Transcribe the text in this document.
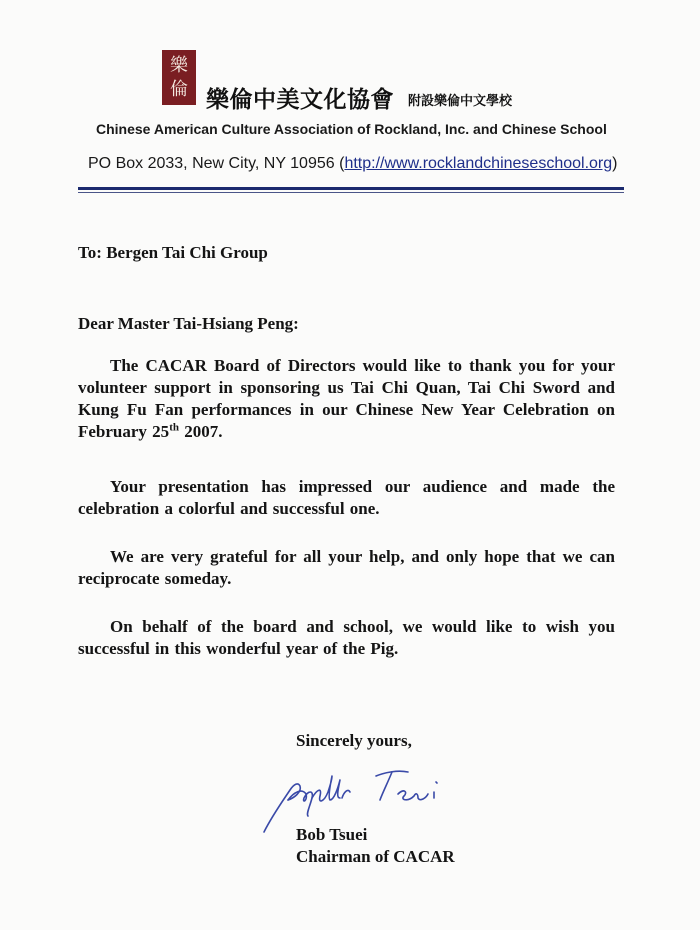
樂
倫 樂倫中美文化協會 附設樂倫中文學校
Chinese American Culture Association of Rockland, Inc. and Chinese School
PO Box 2033, New City, NY 10956 (http://www.rocklandchineseschool.org)
To: Bergen Tai Chi Group
Dear Master Tai-Hsiang Peng:
The CACAR Board of Directors would like to thank you for your volunteer support in sponsoring us Tai Chi Quan, Tai Chi Sword and Kung Fu Fan performances in our Chinese New Year Celebration on February 25th 2007.
Your presentation has impressed our audience and made the celebration a colorful and successful one.
We are very grateful for all your help, and only hope that we can reciprocate someday.
On behalf of the board and school, we would like to wish you successful in this wonderful year of the Pig.
Sincerely yours,
Bob Tsuei
Chairman of CACAR
